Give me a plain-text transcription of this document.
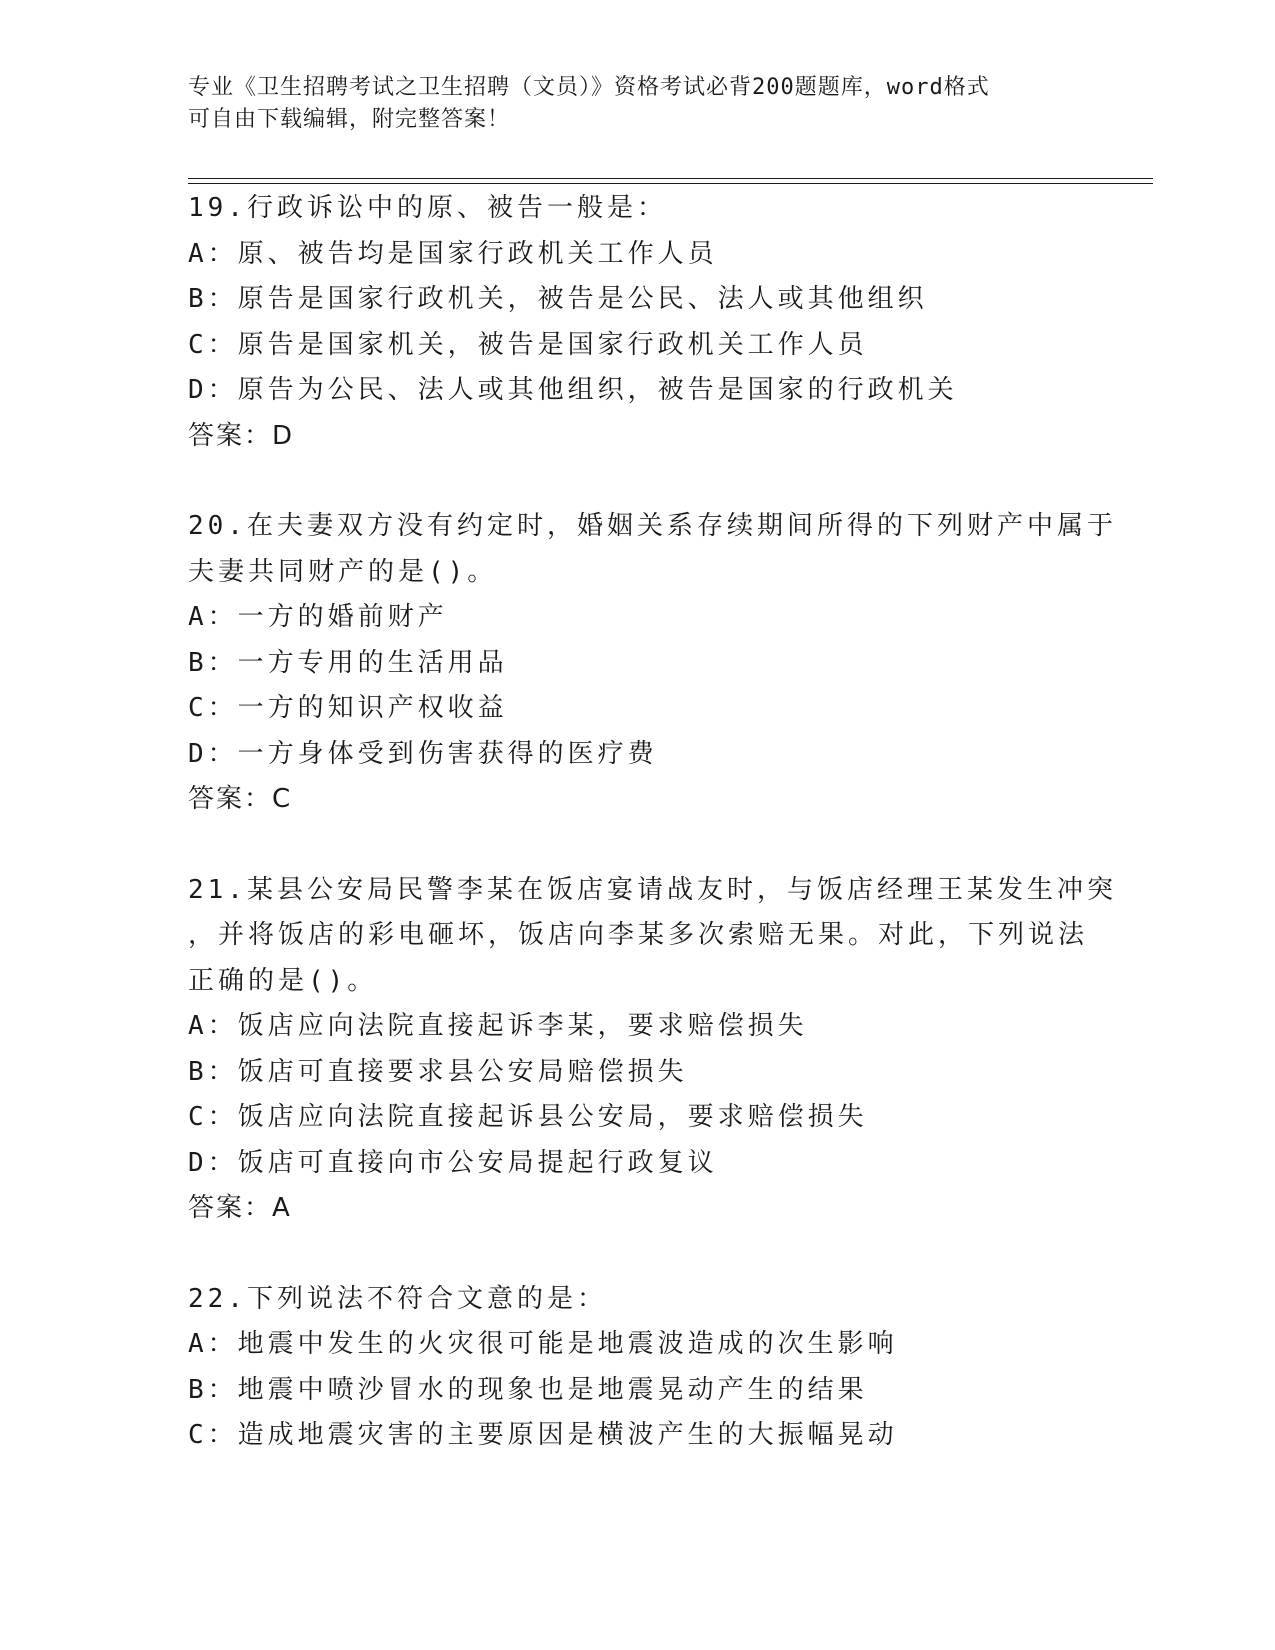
专业《卫生招聘考试之卫生招聘（文员）》资格考试必背200题题库，word格式
可自由下载编辑，附完整答案！
19.行政诉讼中的原、被告一般是：
A：原、被告均是国家行政机关工作人员
B：原告是国家行政机关，被告是公民、法人或其他组织
C：原告是国家机关，被告是国家行政机关工作人员
D：原告为公民、法人或其他组织，被告是国家的行政机关
答案：D
20.在夫妻双方没有约定时，婚姻关系存续期间所得的下列财产中属于
夫妻共同财产的是()。
A：一方的婚前财产
B：一方专用的生活用品
C：一方的知识产权收益
D：一方身体受到伤害获得的医疗费
答案：C
21.某县公安局民警李某在饭店宴请战友时，与饭店经理王某发生冲突
，并将饭店的彩电砸坏，饭店向李某多次索赔无果。对此，下列说法
正确的是()。
A：饭店应向法院直接起诉李某，要求赔偿损失
B：饭店可直接要求县公安局赔偿损失
C：饭店应向法院直接起诉县公安局，要求赔偿损失
D：饭店可直接向市公安局提起行政复议
答案：A
22.下列说法不符合文意的是：
A：地震中发生的火灾很可能是地震波造成的次生影响
B：地震中喷沙冒水的现象也是地震晃动产生的结果
C：造成地震灾害的主要原因是横波产生的大振幅晃动
